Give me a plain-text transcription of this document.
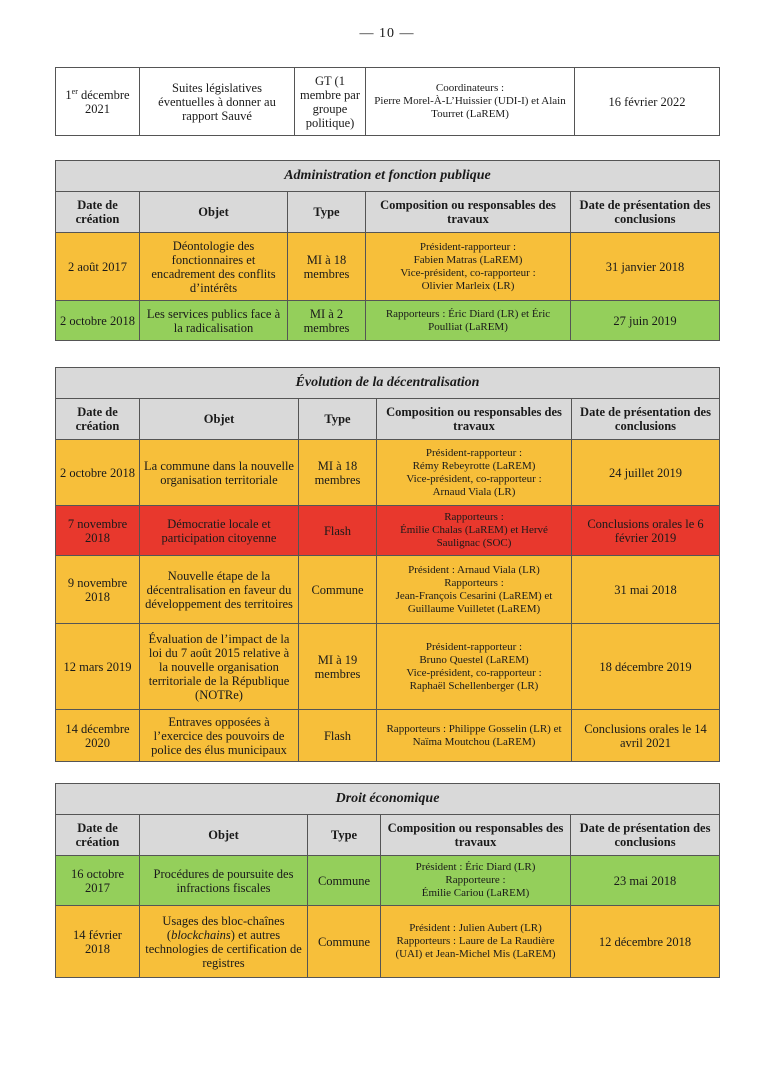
— 10 —
1er décembre 2021	Suites législatives éventuelles à donner au rapport Sauvé	GT (1 membre par groupe politique)	Coordinateurs :
Pierre Morel-À-L’Huissier (UDI-I) et Alain Tourret (LaREM)	16 février 2022
Administration et fonction publique				
Date de création	Objet	Type	Composition ou responsables des travaux	Date de présentation des conclusions
2 août 2017	Déontologie des fonctionnaires et encadrement des conflits d’intérêts	MI à 18 membres	Président-rapporteur :
Fabien Matras (LaREM)
Vice-président, co-rapporteur :
Olivier Marleix (LR)	31 janvier 2018
2 octobre 2018	Les services publics face à la radicalisation	MI à 2 membres	Rapporteurs : Éric Diard (LR) et Éric Poulliat (LaREM)	27 juin 2019
Évolution de la décentralisation				
Date de création	Objet	Type	Composition ou responsables des travaux	Date de présentation des conclusions
2 octobre 2018	La commune dans la nouvelle organisation territoriale	MI à 18 membres	Président-rapporteur :
Rémy Rebeyrotte (LaREM)
Vice-président, co-rapporteur :
Arnaud Viala (LR)	24 juillet 2019
7 novembre 2018	Démocratie locale et participation citoyenne	Flash	Rapporteurs :
Émilie Chalas (LaREM) et Hervé Saulignac (SOC)	Conclusions orales le 6 février 2019
9 novembre 2018	Nouvelle étape de la décentralisation en faveur du développement des territoires	Commune	Président : Arnaud Viala (LR)
Rapporteurs :
Jean-François Cesarini (LaREM) et Guillaume Vuilletet (LaREM)	31 mai 2018
12 mars 2019	Évaluation de l’impact de la loi du 7 août 2015 relative à la nouvelle organisation territoriale de la République (NOTRe)	MI à 19 membres	Président-rapporteur :
Bruno Questel (LaREM)
Vice-président, co-rapporteur :
Raphaël Schellenberger (LR)	18 décembre 2019
14 décembre 2020	Entraves opposées à l’exercice des pouvoirs de police des élus municipaux	Flash	Rapporteurs : Philippe Gosselin (LR) et Naïma Moutchou (LaREM)	Conclusions orales le 14 avril 2021
Droit économique				
Date de création	Objet	Type	Composition ou responsables des travaux	Date de présentation des conclusions
16 octobre 2017	Procédures de poursuite des infractions fiscales	Commune	Président : Éric Diard (LR)
Rapporteure :
Émilie Cariou (LaREM)	23 mai 2018
14 février 2018	Usages des bloc-chaînes (blockchains) et autres technologies de certification de registres	Commune	Président : Julien Aubert (LR)
Rapporteurs : Laure de La Raudière (UAI) et Jean-Michel Mis (LaREM)	12 décembre 2018
